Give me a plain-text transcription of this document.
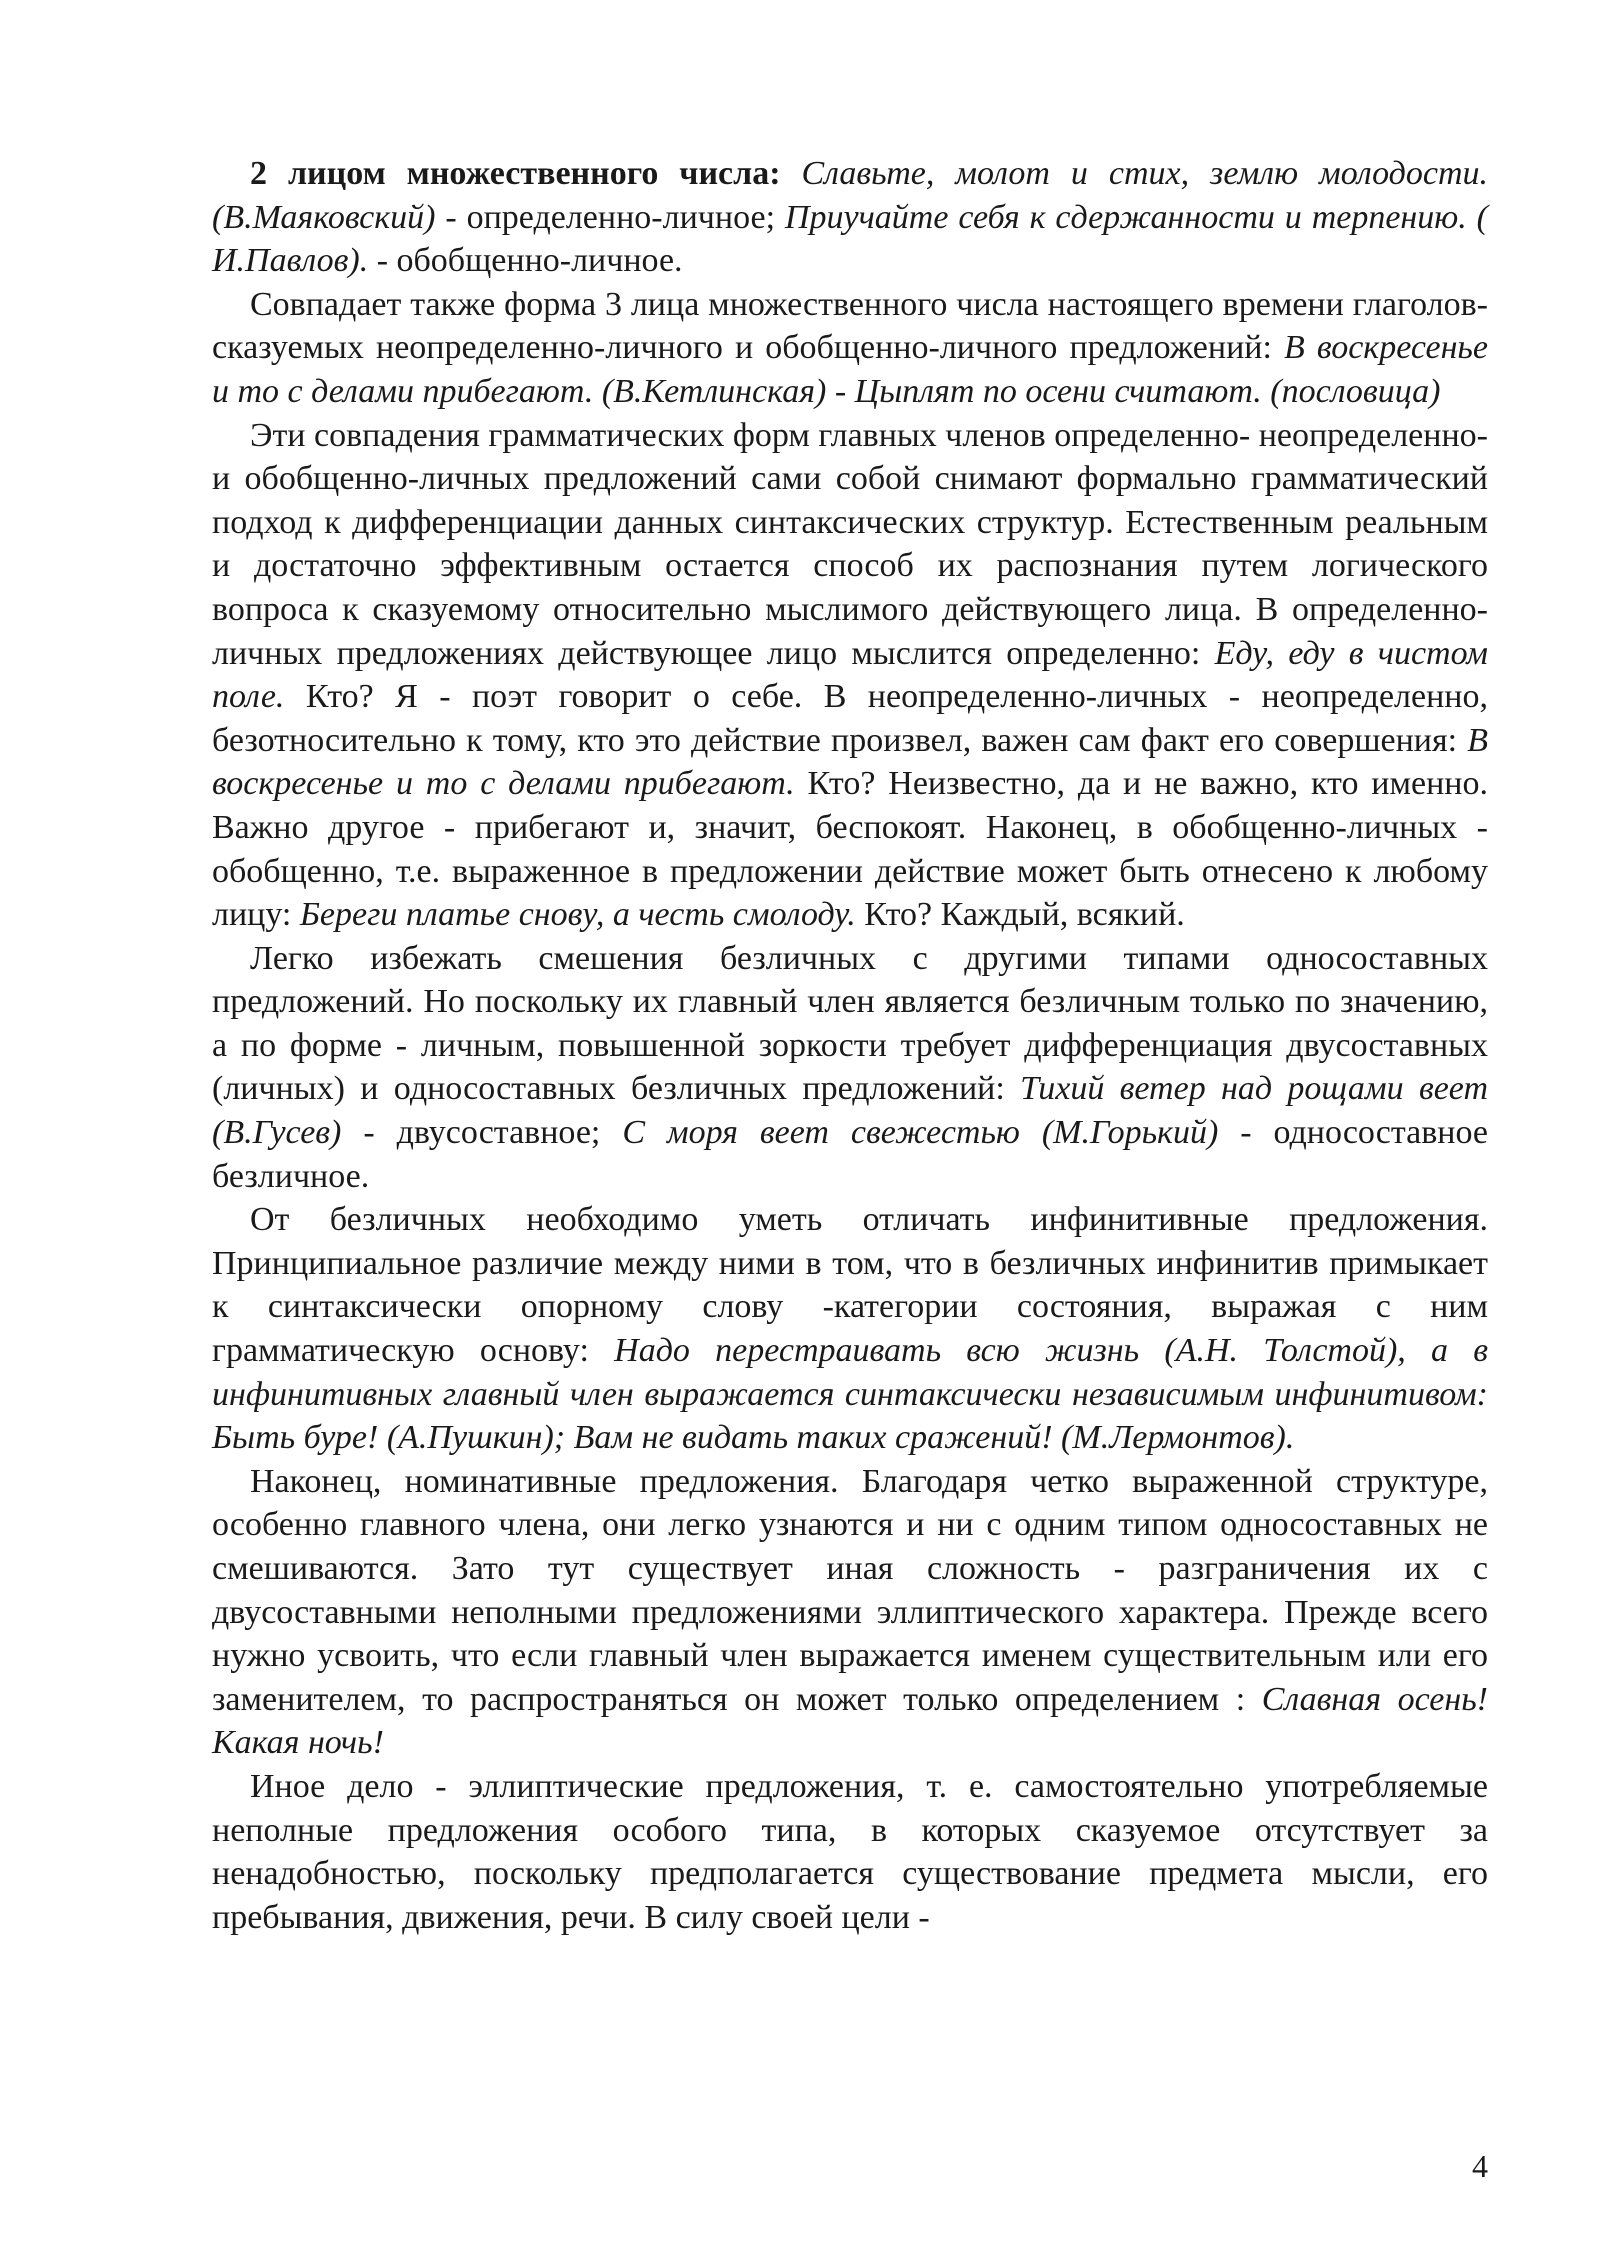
2 лицом множественного числа: Славьте, молот и стих, землю молодости. (В.Маяковский) - определенно-личное; Приучайте себя к сдержанности и терпению. ( И.Павлов). - обобщенно-личное.

Совпадает также форма 3 лица множественного числа настоящего времени глаголов-сказуемых неопределенно-личного и обобщенно-личного предложений: В воскресенье и то с делами прибегают. (В.Кетлинская) - Цыплят по осени считают. (пословица)

Эти совпадения грамматических форм главных членов определенно- неопределенно- и обобщенно-личных предложений сами собой снимают формально грамматический подход к дифференциации данных синтаксических структур. Естественным реальным и достаточно эффективным остается способ их распознания путем логического вопроса к сказуемому относительно мыслимого действующего лица. В определенно-личных предложениях действующее лицо мыслится определенно: Еду, еду в чистом поле. Кто? Я - поэт говорит о себе. В неопределенно-личных - неопределенно, безотносительно к тому, кто это действие произвел, важен сам факт его совершения: В воскресенье и то с делами прибегают. Кто? Неизвестно, да и не важно, кто именно. Важно другое - прибегают и, значит, беспокоят. Наконец, в обобщенно-личных - обобщенно, т.е. выраженное в предложении действие может быть отнесено к любому лицу: Береги платье снову, а честь смолоду. Кто? Каждый, всякий.

Легко избежать смешения безличных с другими типами односоставных предложений. Но поскольку их главный член является безличным только по значению, а по форме - личным, повышенной зоркости требует дифференциация двусоставных (личных) и односоставных безличных предложений: Тихий ветер над рощами веет (В.Гусев) - двусоставное; С моря веет свежестью (М.Горький) - односоставное безличное.

От безличных необходимо уметь отличать инфинитивные предложения. Принципиальное различие между ними в том, что в безличных инфинитив примыкает к синтаксически опорному слову -категории состояния, выражая с ним грамматическую основу: Надо перестраивать всю жизнь (А.Н. Толстой), а в инфинитивных главный член выражается синтаксически независимым инфинитивом: Быть буре! (А.Пушкин); Вам не видать таких сражений! (М.Лермонтов).

Наконец, номинативные предложения. Благодаря четко выраженной структуре, особенно главного члена, они легко узнаются и ни с одним типом односоставных не смешиваются. Зато тут существует иная сложность - разграничения их с двусоставными неполными предложениями эллиптического характера. Прежде всего нужно усвоить, что если главный член выражается именем существительным или его заменителем, то распространяться он может только определением : Славная осень! Какая ночь!

Иное дело - эллиптические предложения, т. е. самостоятельно употребляемые неполные предложения особого типа, в которых сказуемое отсутствует за ненадобностью, поскольку предполагается существование предмета мысли, его пребывания, движения, речи. В силу своей цели -

4
